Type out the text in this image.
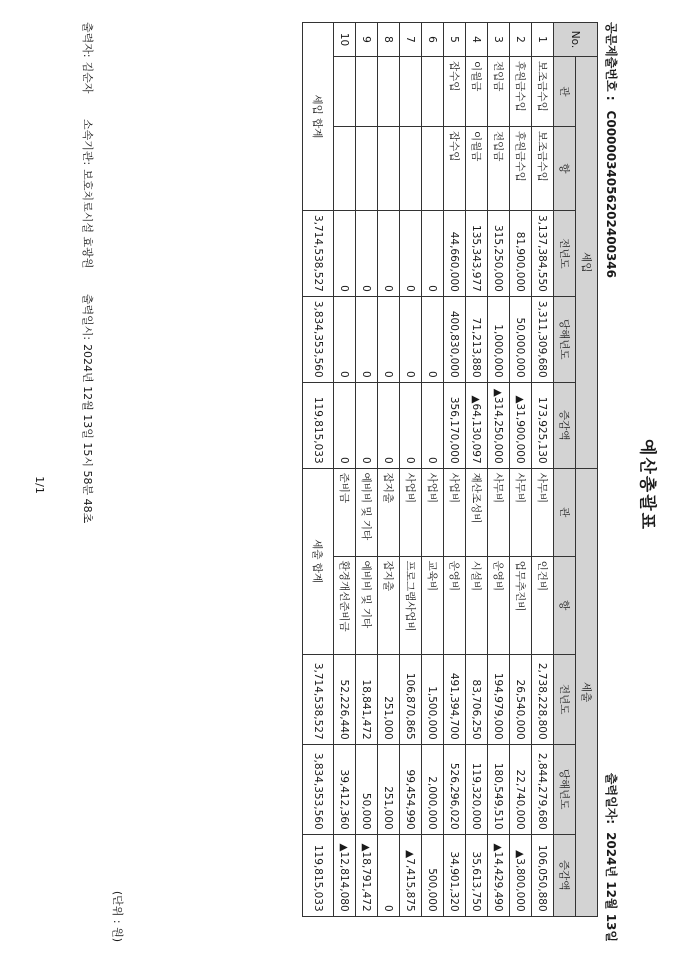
예산총괄표
공문제출번호 :C0000034056202400346
출력일자:2024년 12월 13일
No.	세입					세출				
	관	항	전년도	당해년도	증감액	관	항	전년도	당해년도	증감액
1	보조금수입	보조금수입	3,137,384,550	3,311,309,680	173,925,130	사무비	인건비	2,738,228,800	2,844,279,680	106,050,880
2	후원금수입	후원금수입	81,900,000	50,000,000	▲31,900,000	사무비	업무추진비	26,540,000	22,740,000	▲3,800,000
3	전입금	전입금	315,250,000	1,000,000	▲314,250,000	사무비	운영비	194,979,000	180,549,510	▲14,429,490
4	이월금	이월금	135,343,977	71,213,880	▲64,130,097	재산조성비	시설비	83,706,250	119,320,000	35,613,750
5	잡수입	잡수입	44,660,000	400,830,000	356,170,000	사업비	운영비	491,394,700	526,296,020	34,901,320
6			0	0	0	사업비	교육비	1,500,000	2,000,000	500,000
7			0	0	0	사업비	프로그램사업비	106,870,865	99,454,990	▲7,415,875
8			0	0	0	잡지출	잡지출	251,000	251,000	0
9			0	0	0	예비비 및 기타	예비비 및 기타	18,841,472	50,000	▲18,791,472
10			0	0	0	준비금	환경개선준비금	52,226,440	39,412,360	▲12,814,080
세입 합계			3,714,538,527	3,834,353,560	119,815,033	세출 합계		3,714,538,527	3,834,353,560	119,815,033
(단위 : 원)
출력자:김순자 소속기관:보호치료시설 효광원 출력일시:2024년 12월 13일 15시 58분 48초
1/1
